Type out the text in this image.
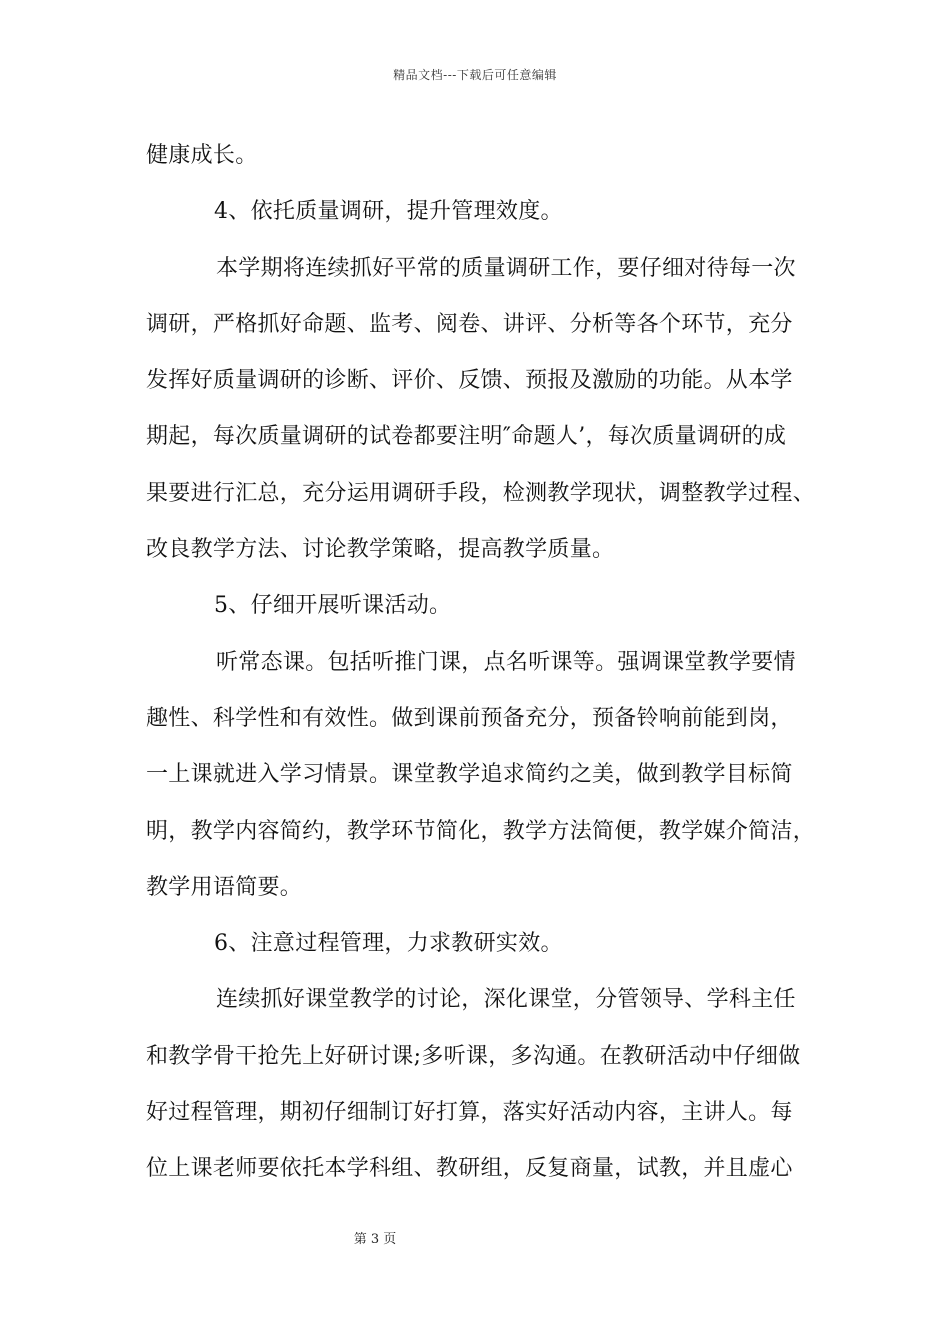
精品文档---下载后可任意编辑
健康成长。
4、依托质量调研，提升管理效度。
本学期将连续抓好平常的质量调研工作，要仔细对待每一次
调研，严格抓好命题、监考、阅卷、讲评、分析等各个环节，充分
发挥好质量调研的诊断、评价、反馈、预报及激励的功能。从本学
期起，每次质量调研的试卷都要注明″命题人’，每次质量调研的成
果要进行汇总，充分运用调研手段，检测教学现状，调整教学过程、
改良教学方法、讨论教学策略，提高教学质量。
5、仔细开展听课活动。
听常态课。包括听推门课，点名听课等。强调课堂教学要情
趣性、科学性和有效性。做到课前预备充分，预备铃响前能到岗，
一上课就进入学习情景。课堂教学追求简约之美，做到教学目标简
明，教学内容简约，教学环节简化，教学方法简便，教学媒介简洁，
教学用语简要。
6、注意过程管理，力求教研实效。
连续抓好课堂教学的讨论，深化课堂，分管领导、学科主任
和教学骨干抢先上好研讨课;多听课，多沟通。在教研活动中仔细做
好过程管理，期初仔细制订好打算，落实好活动内容，主讲人。每
位上课老师要依托本学科组、教研组，反复商量，试教，并且虚心
第 3 页
